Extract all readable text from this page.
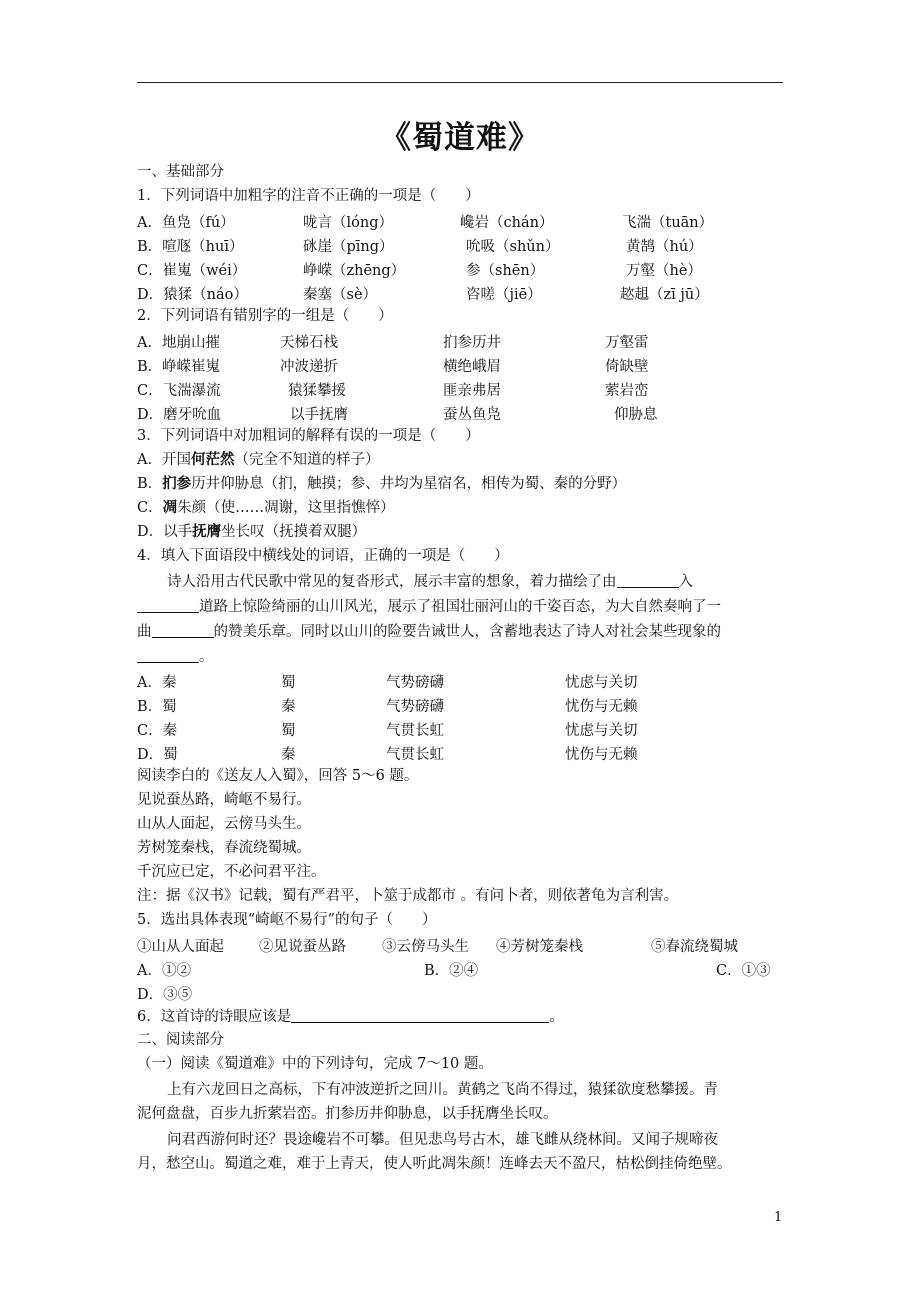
《蜀道难》
一、基础部分
1．下列词语中加粗字的注音不正确的一项是（　　）
A．鱼凫（fú）	咙言（lóng）	巉岩（chán）	飞湍（tuān）
B．喧豗（huī）	砯崖（pīng）	吮吸（shǔn）	黄鹄（hú）
C．崔嵬（wéi）	峥嵘（zhēng）	参（shēn）	万壑（hè）
D．猿猱（náo）	秦塞（sè）	咨嗟（jiē）	趑趄（zī jū）
2．下列词语有错别字的一组是（　　）
A．地崩山摧	天梯石栈	扪参历井	万壑雷
B．峥嵘崔嵬	冲波递折	横绝峨眉	倚缺壁
C．飞湍瀑流	猿猱攀援	匪亲弗居	萦岩峦
D．磨牙吮血	以手抚膺	蚕丛鱼凫	仰胁息
3．下列词语中对加粗词的解释有误的一项是（　　）
A．开国何茫然（完全不知道的样子）
B．扪参历井仰胁息（扪，触摸；参、井均为星宿名，相传为蜀、秦的分野）
C．凋朱颜（使……凋谢，这里指憔悴）
D．以手抚膺坐长叹（抚摸着双腿）
4．填入下面语段中横线处的词语，正确的一项是（　　）
诗人沿用古代民歌中常见的复沓形式，展示丰富的想象，着力描绘了由	入
道路上惊险绮丽的山川风光，展示了祖国壮丽河山的千姿百态，为大自然奏响了一
曲	的赞美乐章。同时以山川的险要告诫世人，含蓄地表达了诗人对社会某些现象的
。
A．秦	蜀	气势磅礴	忧虑与关切
B．蜀	秦	气势磅礴	忧伤与无赖
C．秦	蜀	气贯长虹	忧虑与关切
D．蜀	秦	气贯长虹	忧伤与无赖
阅读李白的《送友人入蜀》，回答 5～6 题。
见说蚕丛路，崎岖不易行。
山从人面起，云傍马头生。
芳树笼秦栈，春流绕蜀城。
千沉应已定，不必问君平注。
注：据《汉书》记载，蜀有严君平，卜筮于成都市 。有问卜者，则依著龟为言利害。
5．选出具体表现“崎岖不易行”的句子（　　）
①山从人面起 ②见说蚕丛路 ③云傍马头生 ④芳树笼秦栈	⑤春流绕蜀城
A．①②	B．②④	C．①③
D．③⑤
6．这首诗的诗眼应该是	。
二、阅读部分
（一）阅读《蜀道难》中的下列诗句，完成 7～10 题。
上有六龙回日之高标，下有冲波逆折之回川。黄鹤之飞尚不得过，猿猱欲度愁攀援。青
泥何盘盘，百步九折萦岩峦。扪参历井仰胁息，以手抚膺坐长叹。
问君西游何时还？畏途巉岩不可攀。但见悲鸟号古木，雄飞雌从绕林间。又闻子规啼夜
月，愁空山。蜀道之难，难于上青天，使人听此凋朱颜！连峰去天不盈尺，枯松倒挂倚绝壁。
1
